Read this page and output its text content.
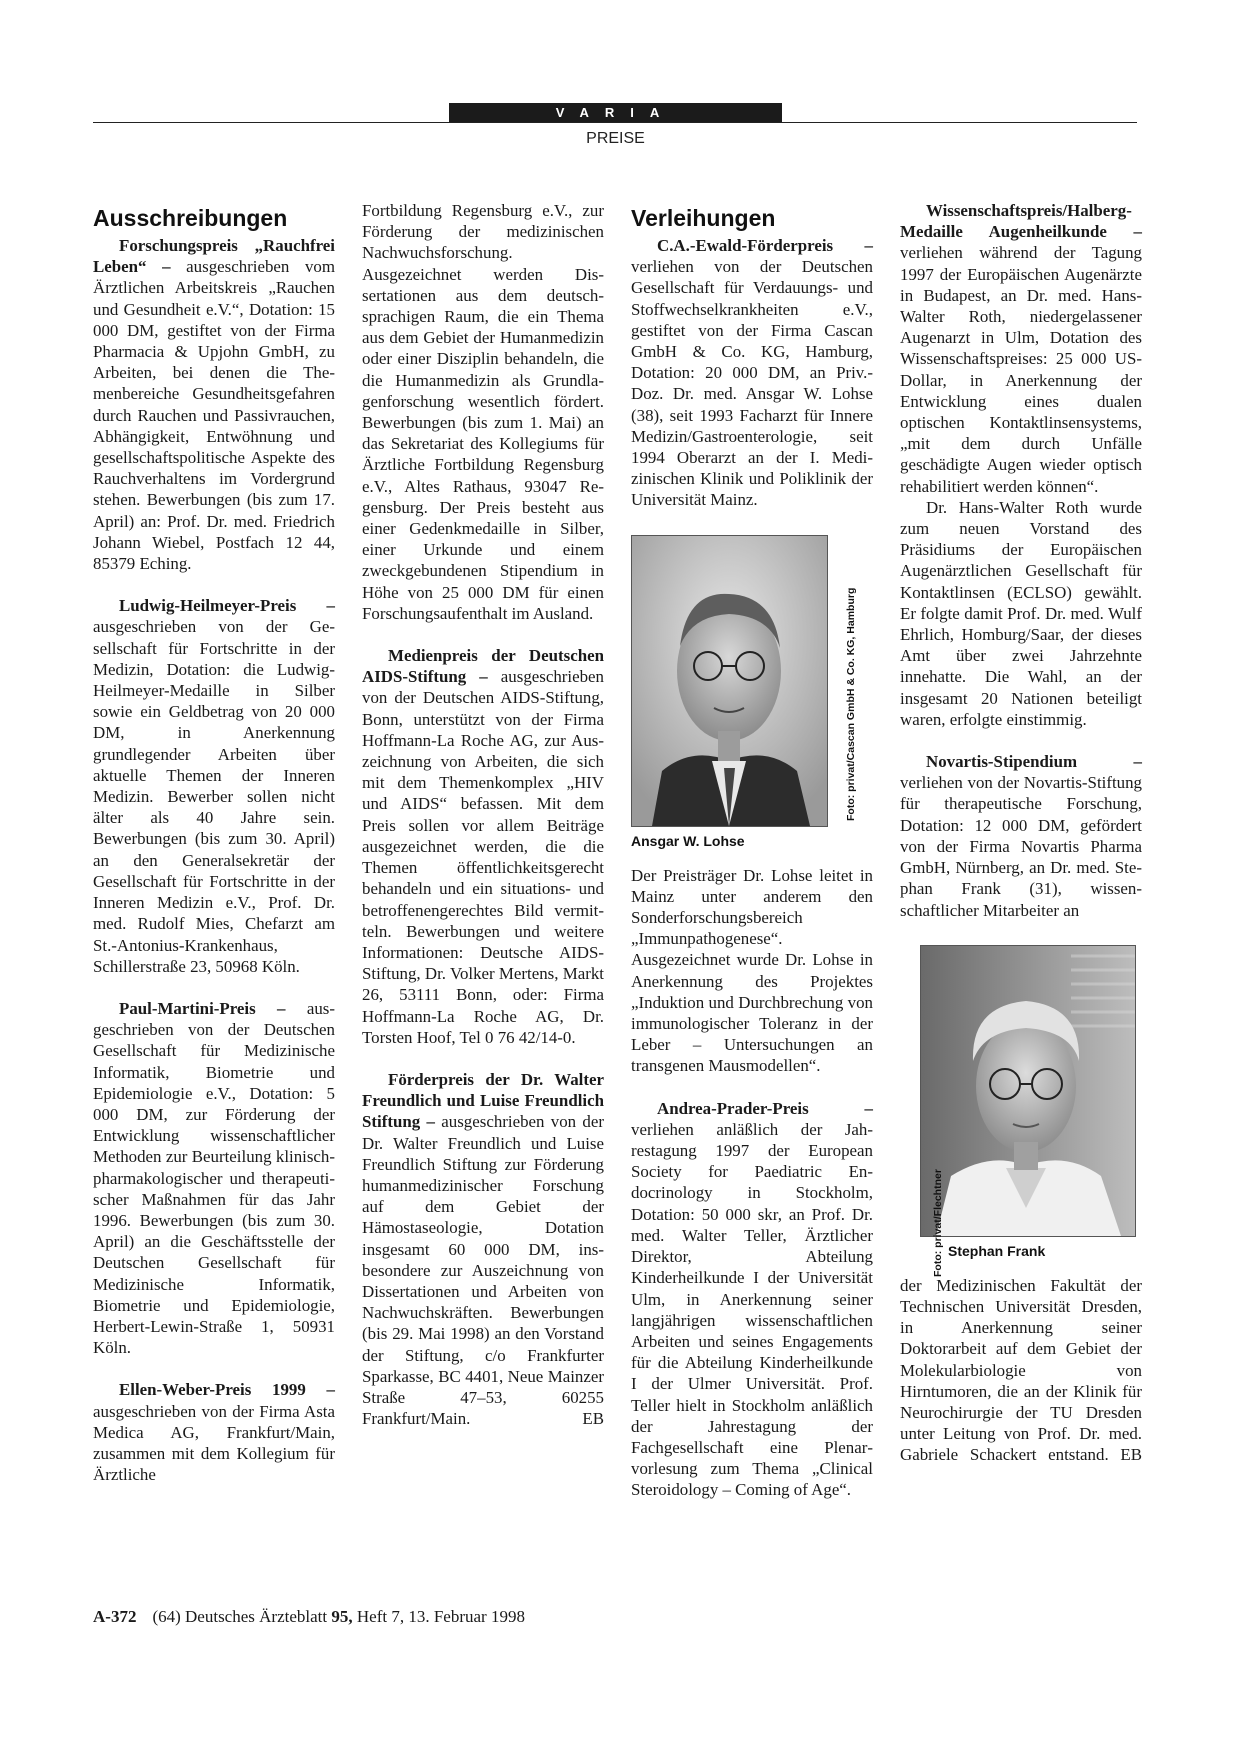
VARIA
PREISE
Ausschreibungen

Forschungspreis „Rauchfrei Leben“ – ausgeschrieben vom Ärztlichen Arbeitskreis „Rauchen und Gesundheit e.V.“, Dotation: 15 000 DM, gestiftet von der Firma Pharmacia & Upjohn GmbH, zu Arbeiten, bei denen die Themenbereiche Gesundheitsgefahren durch Rauchen und Passivrauchen, Abhängigkeit, Entwöhnung und gesellschaftspolitische Aspekte des Rauchverhaltens im Vordergrund stehen. Bewerbungen (bis zum 17. April) an: Prof. Dr. med. Friedrich Johann Wiebel, Postfach 12 44, 85379 Eching.

Ludwig-Heilmeyer-Preis – ausgeschrieben von der Gesellschaft für Fortschritte in der Medizin, Dotation: die Ludwig-Heilmeyer-Medaille in Silber sowie ein Geldbetrag von 20 000 DM, in Anerkennung grundlegender Arbeiten über aktuelle Themen der Inneren Medizin. Bewerber sollen nicht älter als 40 Jahre sein. Bewerbungen (bis zum 30. April) an den Generalsekretär der Gesellschaft für Fortschritte in der Inneren Medizin e.V., Prof. Dr. med. Rudolf Mies, Chefarzt am St.-Antonius-Krankenhaus, Schillerstraße 23, 50968 Köln.

Paul-Martini-Preis – ausgeschrieben von der Deutschen Gesellschaft für Medizinische Informatik, Biometrie und Epidemiologie e.V., Dotation: 5 000 DM, zur Förderung der Entwicklung wissenschaftlicher Methoden zur Beurteilung klinisch-pharmakologischer und therapeutischer Maßnahmen für das Jahr 1996. Bewerbungen (bis zum 30. April) an die Geschäftsstelle der Deutschen Gesellschaft für Medizinische Informatik, Biometrie und Epidemiologie, Herbert-Lewin-Straße 1, 50931 Köln.

Ellen-Weber-Preis 1999 – ausgeschrieben von der Firma Asta Medica AG, Frankfurt/Main, zusammen mit dem Kollegium für Ärztliche

Fortbildung Regensburg e.V., zur Förderung der medizinischen Nachwuchsforschung. Ausgezeichnet werden Dissertationen aus dem deutschsprachigen Raum, die ein Thema aus dem Gebiet der Humanmedizin oder einer Disziplin behandeln, die die Humanmedizin als Grundlagenforschung wesentlich fördert. Bewerbungen (bis zum 1. Mai) an das Sekretariat des Kollegiums für Ärztliche Fortbildung Regensburg e.V., Altes Rathaus, 93047 Regensburg. Der Preis besteht aus einer Gedenkmedaille in Silber, einer Urkunde und einem zweckgebundenen Stipendium in Höhe von 25 000 DM für einen Forschungsaufenthalt im Ausland.

Medienpreis der Deutschen AIDS-Stiftung – ausgeschrieben von der Deutschen AIDS-Stiftung, Bonn, unterstützt von der Firma Hoffmann-La Roche AG, zur Auszeichnung von Arbeiten, die sich mit dem Themenkomplex „HIV und AIDS“ befassen. Mit dem Preis sollen vor allem Beiträge ausgezeichnet werden, die die Themen öffentlichkeitsgerecht behandeln und ein situations- und betroffenengerechtes Bild vermitteln. Bewerbungen und weitere Informationen: Deutsche AIDS-Stiftung, Dr. Volker Mertens, Markt 26, 53111 Bonn, oder: Firma Hoffmann-La Roche AG, Dr. Torsten Hoof, Tel 0 76 42/14-0.

Förderpreis der Dr. Walter Freundlich und Luise Freundlich Stiftung – ausgeschrieben von der Dr. Walter Freundlich und Luise Freundlich Stiftung zur Förderung humanmedizinischer Forschung auf dem Gebiet der Hämostaseologie, Dotation insgesamt 60 000 DM, insbesondere zur Auszeichnung von Dissertationen und Arbeiten von Nachwuchskräften. Bewerbungen (bis 29. Mai 1998) an den Vorstand der Stiftung, c/o Frankfurter Sparkasse, BC 4401, Neue Mainzer Straße 47–53, 60255 Frankfurt/Main.	EB

Verleihungen

C.A.-Ewald-Förderpreis – verliehen von der Deutschen Gesellschaft für Verdauungs- und Stoffwechselkrankheiten e.V., gestiftet von der Firma Cascan GmbH & Co. KG, Hamburg, Dotation: 20 000 DM, an Priv.-Doz. Dr. med. Ansgar W. Lohse (38), seit 1993 Facharzt für Innere Medizin/Gastroenterologie, seit 1994 Oberarzt an der I. Medizinischen Klinik und Poliklinik der Universität Mainz.

Foto: privat/Cascan GmbH & Co. KG, Hamburg
Ansgar W. Lohse

Der Preisträger Dr. Lohse leitet in Mainz unter anderem den Sonderforschungsbereich „Immunpathogenese“. Ausgezeichnet wurde Dr. Lohse in Anerkennung des Projektes „Induktion und Durchbrechung von immunologischer Toleranz in der Leber – Untersuchungen an transgenen Mausmodellen“.

Andrea-Prader-Preis – verliehen anläßlich der Jahrestagung 1997 der European Society for Paediatric Endocrinology in Stockholm, Dotation: 50 000 skr, an Prof. Dr. med. Walter Teller, Ärztlicher Direktor, Abteilung Kinderheilkunde I der Universität Ulm, in Anerkennung seiner langjährigen wissenschaftlichen Arbeiten und seines Engagements für die Abteilung Kinderheilkunde I der Ulmer Universität. Prof. Teller hielt in Stockholm anläßlich der Jahrestagung der Fachgesellschaft eine Plenarvorlesung zum Thema „Clinical Steroidology – Coming of Age“.

Wissenschaftspreis/Halberg-Medaille Augenheilkunde – verliehen während der Tagung 1997 der Europäischen Augenärzte in Budapest, an Dr. med. Hans-Walter Roth, niedergelassener Augenarzt in Ulm, Dotation des Wissenschaftspreises: 25 000 US-Dollar, in Anerkennung der Entwicklung eines dualen optischen Kontaktlinsensystems, „mit dem durch Unfälle geschädigte Augen wieder optisch rehabilitiert werden können“.

Dr. Hans-Walter Roth wurde zum neuen Vorstand des Präsidiums der Europäischen Augenärztlichen Gesellschaft für Kontaktlinsen (ECLSO) gewählt. Er folgte damit Prof. Dr. med. Wulf Ehrlich, Homburg/Saar, der dieses Amt über zwei Jahrzehnte innehatte. Die Wahl, an der insgesamt 20 Nationen beteiligt waren, erfolgte einstimmig.

Novartis-Stipendium – verliehen von der Novartis-Stiftung für therapeutische Forschung, Dotation: 12 000 DM, gefördert von der Firma Novartis Pharma GmbH, Nürnberg, an Dr. med. Stephan Frank (31), wissenschaftlicher Mitarbeiter an

Foto: privat/Flechtner Stephan Frank

der Medizinischen Fakultät der Technischen Universität Dresden, in Anerkennung seiner Doktorarbeit auf dem Gebiet der Molekularbiologie von Hirntumoren, die an der Klinik für Neurochirurgie der TU Dresden unter Leitung von Prof. Dr. med. Gabriele Schackert entstand. EB

A-372 (64) Deutsches Ärzteblatt 95, Heft 7, 13. Februar 1998
